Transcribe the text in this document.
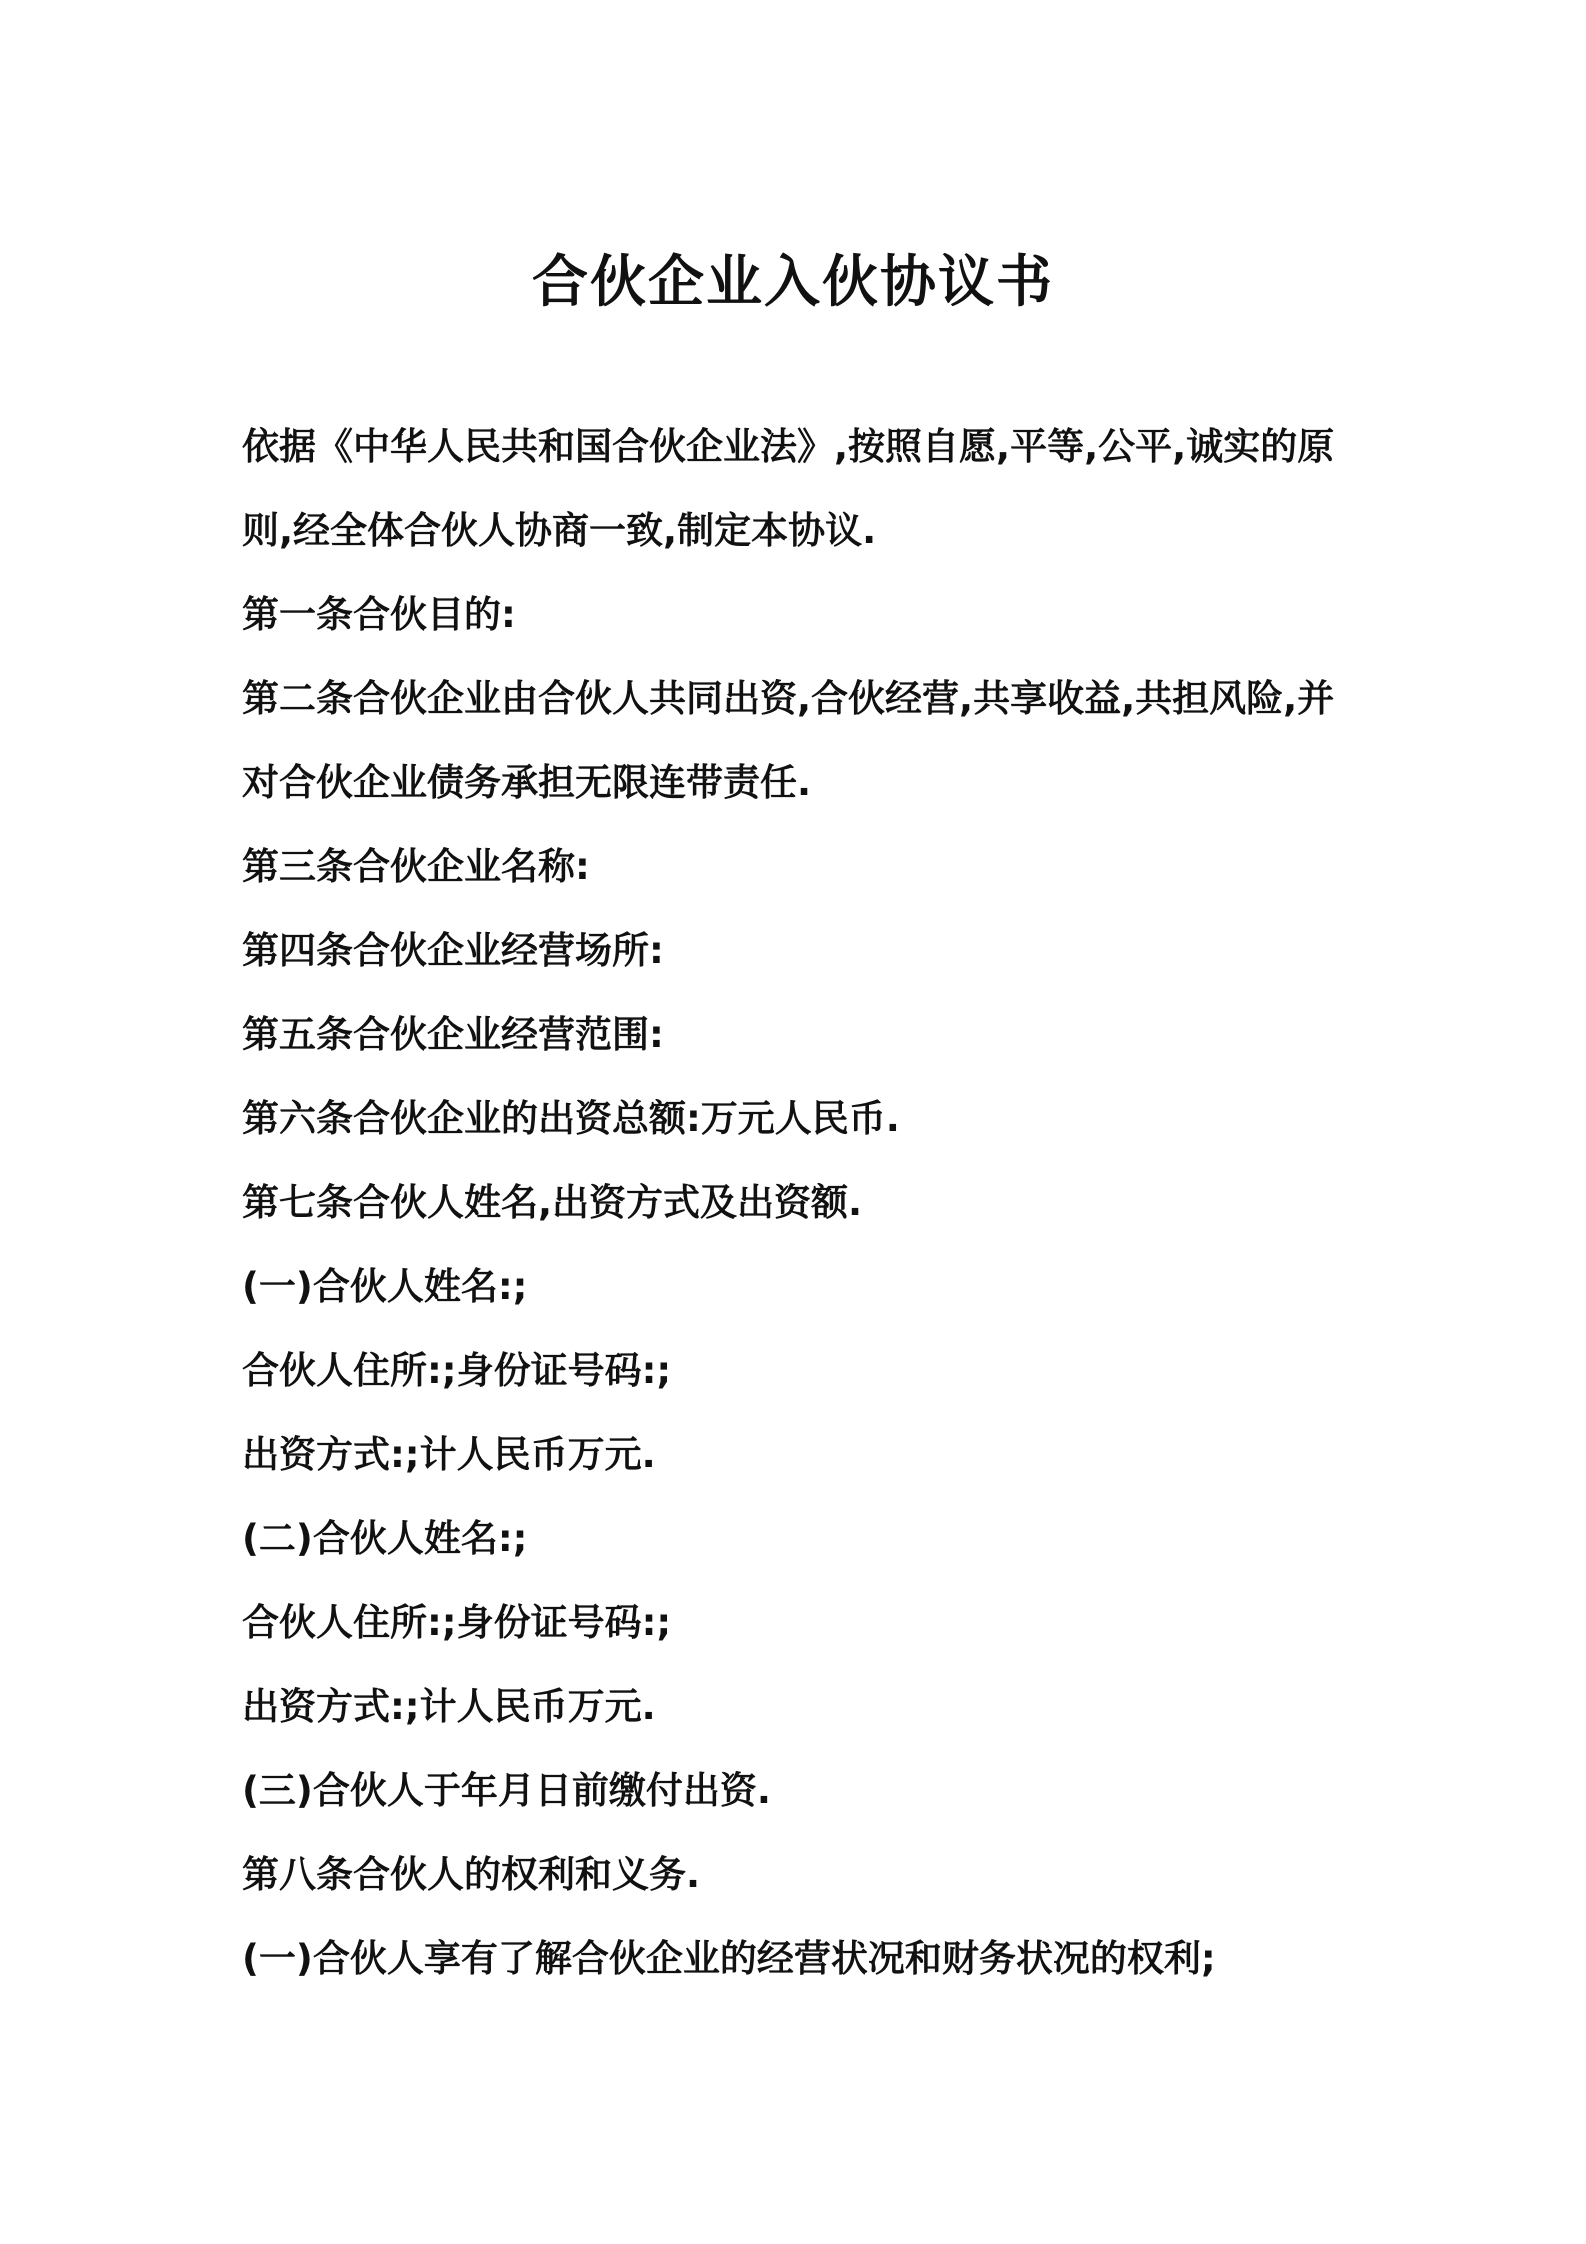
合伙企业入伙协议书

依据《中华人民共和国合伙企业法》,按照自愿,平等,公平,诚实的原则,经全体合伙人协商一致,制定本协议.

第一条合伙目的:

第二条合伙企业由合伙人共同出资,合伙经营,共享收益,共担风险,并对合伙企业债务承担无限连带责任.

第三条合伙企业名称:

第四条合伙企业经营场所:

第五条合伙企业经营范围:

第六条合伙企业的出资总额:万元人民币.

第七条合伙人姓名,出资方式及出资额.

(一)合伙人姓名:;

合伙人住所:;身份证号码:;

出资方式:;计人民币万元.

(二)合伙人姓名:;

合伙人住所:;身份证号码:;

出资方式:;计人民币万元.

(三)合伙人于年月日前缴付出资.

第八条合伙人的权利和义务.

(一)合伙人享有了解合伙企业的经营状况和财务状况的权利;
